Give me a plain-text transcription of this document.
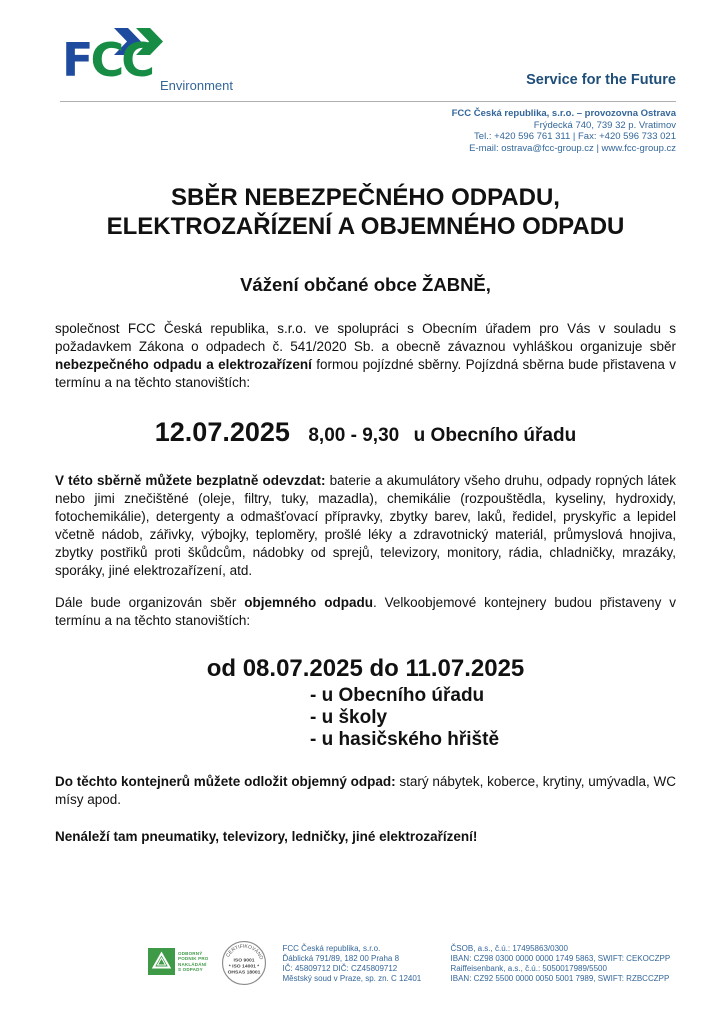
FCC Environment	Service for the Future
FCC Česká republika, s.r.o. – provozovna Ostrava
Frýdecká 740, 739 32 p. Vratimov
Tel.: +420 596 761 311 | Fax: +420 596 733 021
E-mail: ostrava@fcc-group.cz | www.fcc-group.cz
SBĚR NEBEZPEČNÉHO ODPADU,
ELEKTROZAŘÍZENÍ A OBJEMNÉHO ODPADU
Vážení občané obce ŽABNĚ,

společnost FCC Česká republika, s.r.o. ve spolupráci s Obecním úřadem pro Vás v souladu s požadavkem Zákona o odpadech č. 541/2020 Sb. a obecně závaznou vyhláškou organizuje sběr nebezpečného odpadu a elektrozařízení formou pojízdné sběrny. Pojízdná sběrna bude přistavena v termínu a na těchto stanovištích:

12.07.2025 8,00 - 9,30 u Obecního úřadu

V této sběrně můžete bezplatně odevzdat: baterie a akumulátory všeho druhu, odpady ropných látek nebo jimi znečištěné (oleje, filtry, tuky, mazadla), chemikálie (rozpouštědla, kyseliny, hydroxidy, fotochemikálie), detergenty a odmašťovací přípravky, zbytky barev, laků, ředidel, pryskyřic a lepidel včetně nádob, zářivky, výbojky, teploměry, prošlé léky a zdravotnický materiál, průmyslová hnojiva, zbytky postřiků proti škůdcům, nádobky od sprejů, televizory, monitory, rádia, chladničky, mrazáky, sporáky, jiné elektrozařízení, atd.

Dále bude organizován sběr objemného odpadu. Velkoobjemové kontejnery budou přistaveny v termínu a na těchto stanovištích:

od 08.07.2025 do 11.07.2025
- u Obecního úřadu
- u školy
- u hasičského hřiště

Do těchto kontejnerů můžete odložit objemný odpad: starý nábytek, koberce, krytiny, umývadla, WC mísy apod.

Nenáleží tam pneumatiky, televizory, ledničky, jiné elektrozařízení!
ODBORNÝ
PODNIK PRO
NAKLÁDÁNÍ
S ODPADY
CERTIFIKOVÁNO
ISO 9001
* ISO 14001 *
OHSAS 18001
FCC Česká republika, s.r.o.
Ďáblická 791/89, 182 00 Praha 8
IČ: 45809712 DIČ: CZ45809712
Městský soud v Praze, sp. zn. C 12401
ČSOB, a.s., č.ú.: 17495863/0300
IBAN: CZ98 0300 0000 0000 1749 5863, SWIFT: CEKOCZPP
Raiffeisenbank, a.s., č.ú.: 5050017989/5500
IBAN: CZ92 5500 0000 0050 5001 7989, SWIFT: RZBCCZPP
